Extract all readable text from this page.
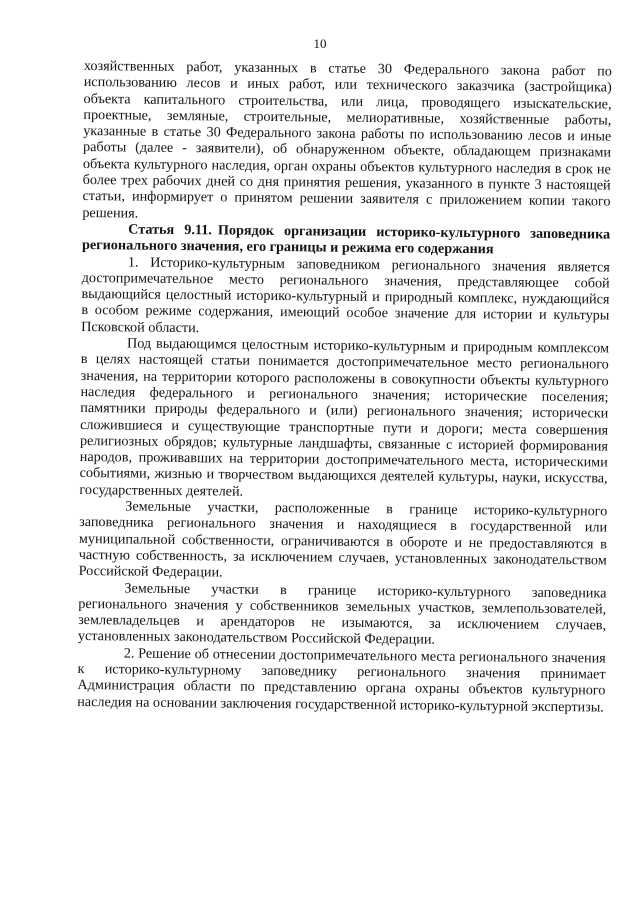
10

хозяйственных работ, указанных в статье 30 Федерального закона работ по использованию лесов и иных работ, или технического заказчика (застройщика) объекта капитального строительства, или лица, проводящего изыскательские, проектные, земляные, строительные, мелиоративные, хозяйственные работы, указанные в статье 30 Федерального закона работы по использованию лесов и иные работы (далее - заявители), об обнаруженном объекте, обладающем признаками объекта культурного наследия, орган охраны объектов культурного наследия в срок не более трех рабочих дней со дня принятия решения, указанного в пункте 3 настоящей статьи, информирует о принятом решении заявителя с приложением копии такого решения.

Статья 9.11. Порядок организации историко-культурного заповедника регионального значения, его границы и режима его содержания

1. Историко-культурным заповедником регионального значения является достопримечательное место регионального значения, представляющее собой выдающийся целостный историко-культурный и природный комплекс, нуждающийся в особом режиме содержания, имеющий особое значение для истории и культуры Псковской области.

Под выдающимся целостным историко-культурным и природным комплексом в целях настоящей статьи понимается достопримечательное место регионального значения, на территории которого расположены в совокупности объекты культурного наследия федерального и регионального значения; исторические поселения; памятники природы федерального и (или) регионального значения; исторически сложившиеся и существующие транспортные пути и дороги; места совершения религиозных обрядов; культурные ландшафты, связанные с историей формирования народов, проживавших на территории достопримечательного места, историческими событиями, жизнью и творчеством выдающихся деятелей культуры, науки, искусства, государственных деятелей.

Земельные участки, расположенные в границе историко-культурного заповедника регионального значения и находящиеся в государственной или муниципальной собственности, ограничиваются в обороте и не предоставляются в частную собственность, за исключением случаев, установленных законодательством Российской Федерации.

Земельные участки в границе историко-культурного заповедника регионального значения у собственников земельных участков, землепользователей, землевладельцев и арендаторов не изымаются, за исключением случаев, установленных законодательством Российской Федерации.

2. Решение об отнесении достопримечательного места регионального значения к историко-культурному заповеднику регионального значения принимает Администрация области по представлению органа охраны объектов культурного наследия на основании заключения государственной историко-культурной экспертизы.
